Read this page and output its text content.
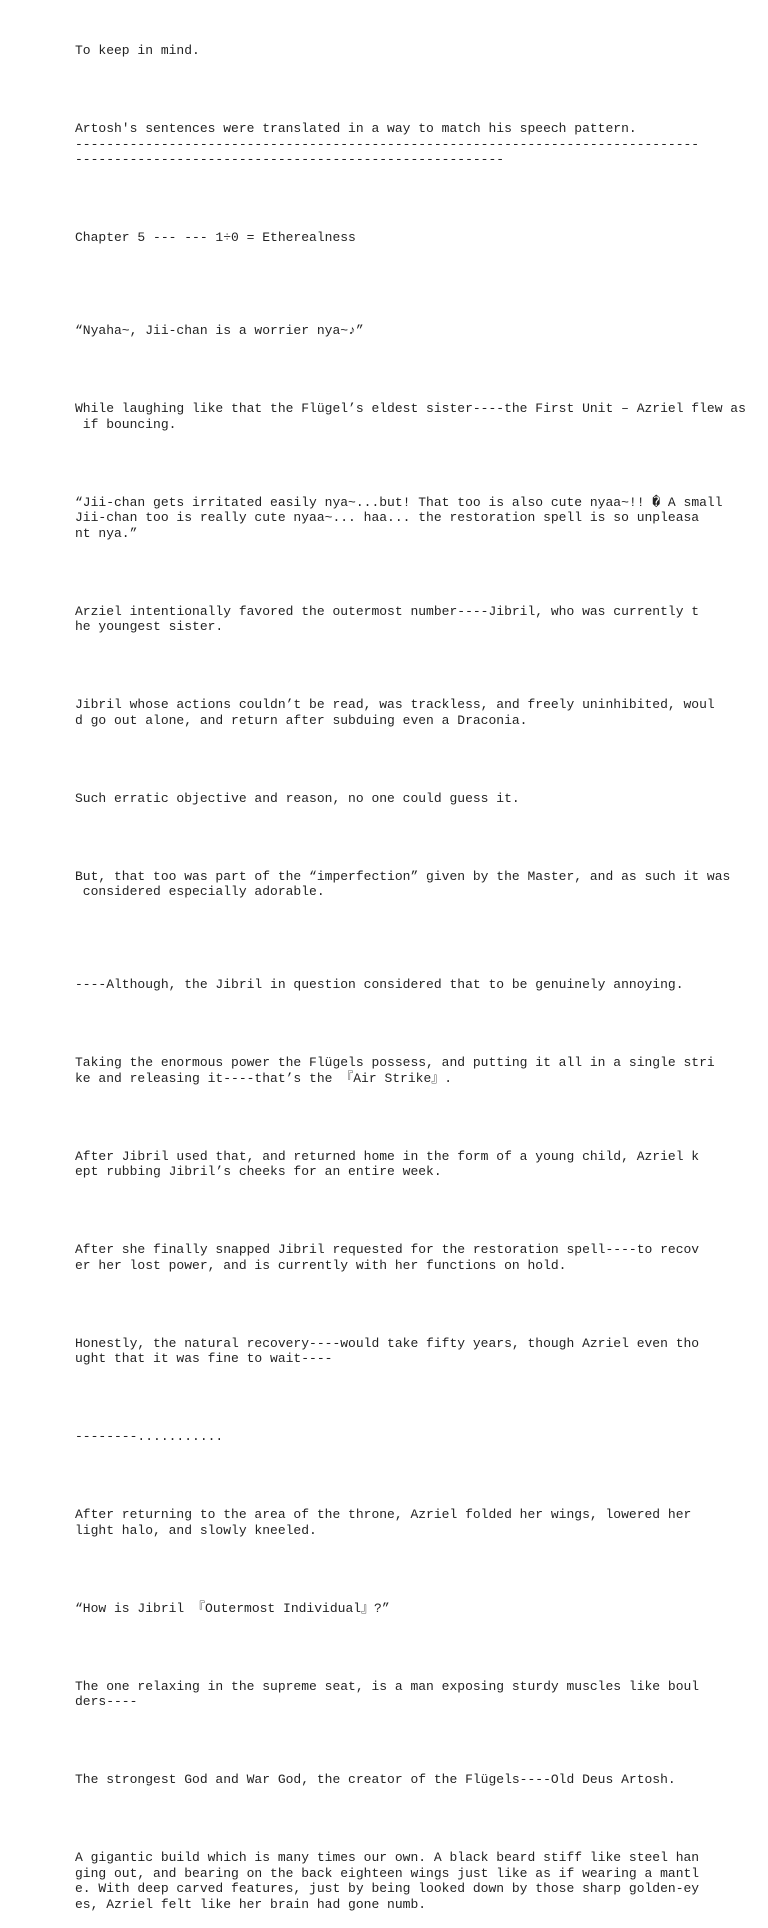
To keep in mind.

Artosh's sentences were translated in a way to match his speech pattern.
--------------------------------------------------------------------------------
-------------------------------------------------------

Chapter 5 --- --- 1÷0 = Etherealness

“Nyaha~, Jii-chan is a worrier nya~♪”

While laughing like that the Flügel’s eldest sister----the First Unit – Azriel flew as
if bouncing.

“Jii-chan gets irritated easily nya~...but! That too is also cute nyaa~!! � A small
Jii-chan too is really cute nyaa~... haa... the restoration spell is so unpleasa
nt nya.”

Arziel intentionally favored the outermost number----Jibril, who was currently t
he youngest sister.

Jibril whose actions couldn’t be read, was trackless, and freely uninhibited, woul
d go out alone, and return after subduing even a Draconia.

Such erratic objective and reason, no one could guess it.

But, that too was part of the “imperfection” given by the Master, and as such it was
considered especially adorable.

----Although, the Jibril in question considered that to be genuinely annoying.

Taking the enormous power the Flügels possess, and putting it all in a single stri
ke and releasing it----that’s the 『Air Strike』.

After Jibril used that, and returned home in the form of a young child, Azriel k
ept rubbing Jibril’s cheeks for an entire week.

After she finally snapped Jibril requested for the restoration spell----to recov
er her lost power, and is currently with her functions on hold.

Honestly, the natural recovery----would take fifty years, though Azriel even tho
ught that it was fine to wait----

--------...........

After returning to the area of the throne, Azriel folded her wings, lowered her
light halo, and slowly kneeled.

“How is Jibril 『Outermost Individual』?”

The one relaxing in the supreme seat, is a man exposing sturdy muscles like boul
ders----

The strongest God and War God, the creator of the Flügels----Old Deus Artosh.

A gigantic build which is many times our own. A black beard stiff like steel han
ging out, and bearing on the back eighteen wings just like as if wearing a mantl
e. With deep carved features, just by being looked down by those sharp golden-ey
es, Azriel felt like her brain had gone numb.
